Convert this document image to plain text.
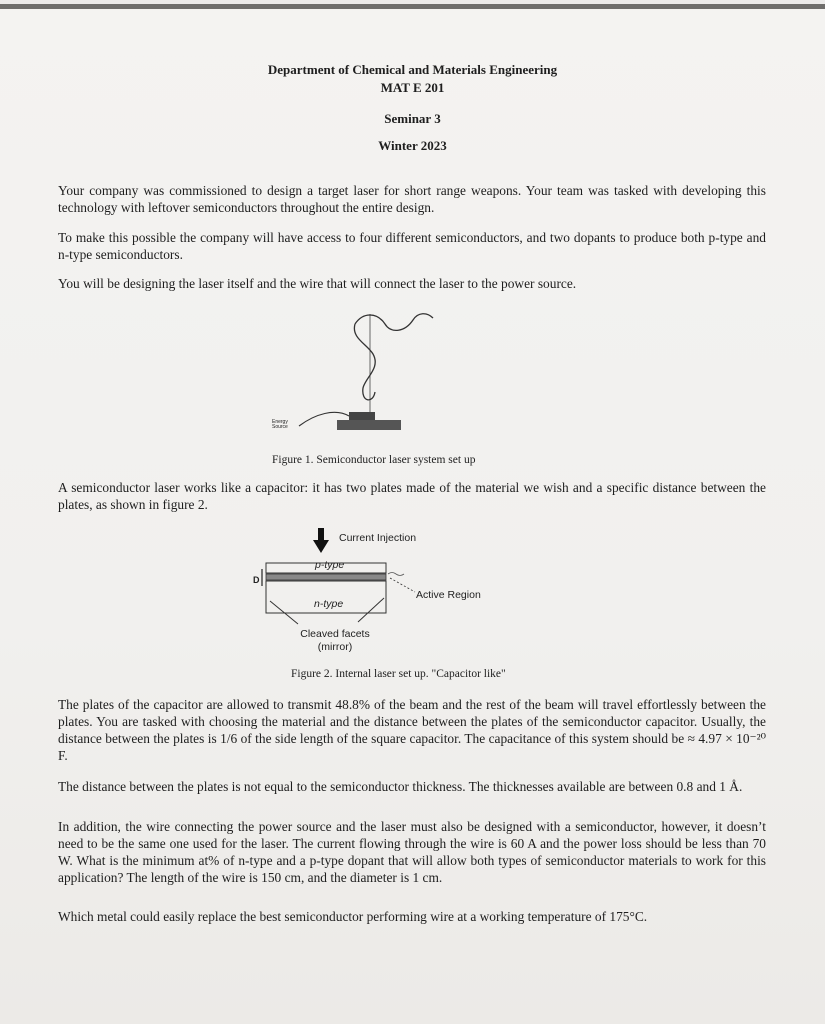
Department of Chemical and Materials Engineering
MAT E 201
Seminar 3
Winter 2023
Your company was commissioned to design a target laser for short range weapons. Your team was tasked with developing this technology with leftover semiconductors throughout the entire design.
To make this possible the company will have access to four different semiconductors, and two dopants to produce both p-type and n-type semiconductors.
You will be designing the laser itself and the wire that will connect the laser to the power source.
Energy
Source
Figure 1. Semiconductor laser system set up
A semiconductor laser works like a capacitor: it has two plates made of the material we wish and a specific distance between the plates, as shown in figure 2.
Current Injection
p-type
n-type
D
Active Region
Cleaved facets
(mirror)
Figure 2. Internal laser set up. "Capacitor like"
The plates of the capacitor are allowed to transmit 48.8% of the beam and the rest of the beam will travel effortlessly between the plates. You are tasked with choosing the material and the distance between the plates of the semiconductor capacitor. Usually, the distance between the plates is 1/6 of the side length of the square capacitor. The capacitance of this system should be ≈ 4.97 × 10⁻²⁰ F.
The distance between the plates is not equal to the semiconductor thickness. The thicknesses available are between 0.8 and 1 Å.
In addition, the wire connecting the power source and the laser must also be designed with a semiconductor, however, it doesn’t need to be the same one used for the laser. The current flowing through the wire is 60 A and the power loss should be less than 70 W. What is the minimum at% of n-type and a p-type dopant that will allow both types of semiconductor materials to work for this application? The length of the wire is 150 cm, and the diameter is 1 cm.
Which metal could easily replace the best semiconductor performing wire at a working temperature of 175°C.
